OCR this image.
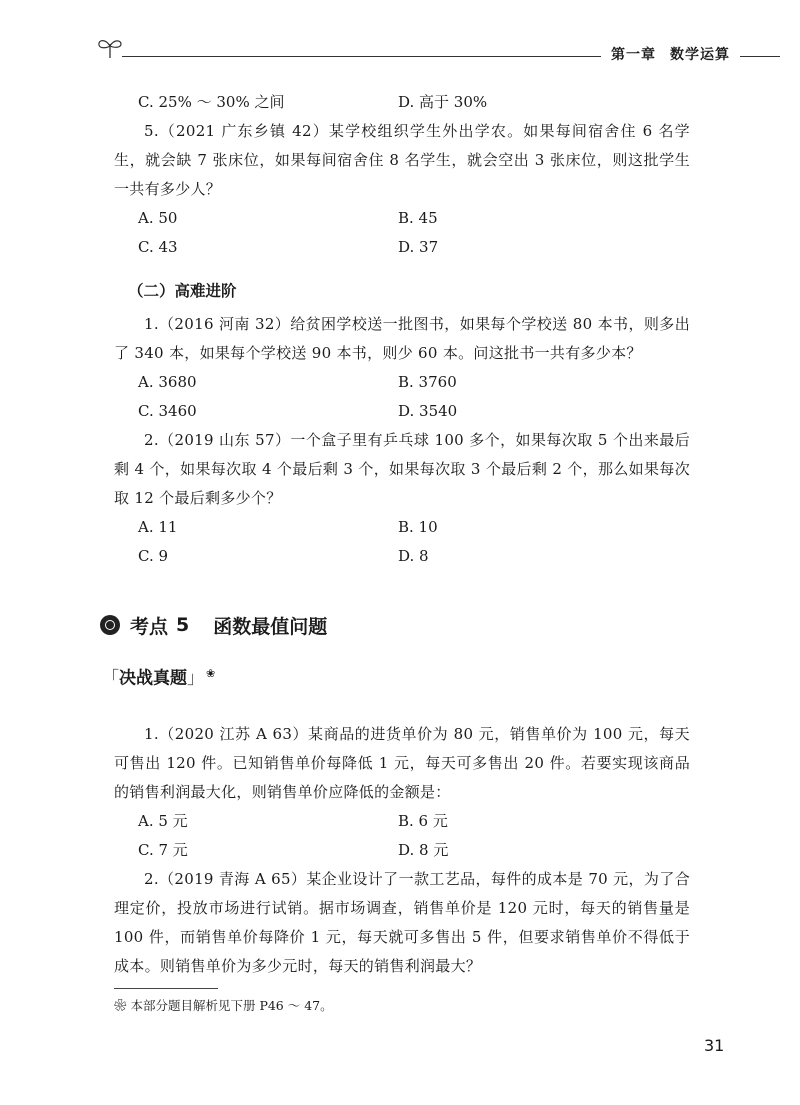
第一章 数学运算
C. 25% ～ 30% 之间	D. 高于 30%

5.（2021 广东乡镇 42）某学校组织学生外出学农。如果每间宿舍住 6 名学生，就会缺 7 张床位，如果每间宿舍住 8 名学生，就会空出 3 张床位，则这批学生一共有多少人？

A. 50	B. 45
C. 43	D. 37
（二）高难进阶

1.（2016 河南 32）给贫困学校送一批图书，如果每个学校送 80 本书，则多出了 340 本，如果每个学校送 90 本书，则少 60 本。问这批书一共有多少本？

A. 3680	B. 3760
C. 3460	D. 3540

2.（2019 山东 57）一个盒子里有乒乓球 100 多个，如果每次取 5 个出来最后剩 4 个，如果每次取 4 个最后剩 3 个，如果每次取 3 个最后剩 2 个，那么如果每次取 12 个最后剩多少个？

A. 11	B. 10
C. 9	D. 8
考点 5 函数最值问题
「决战真题」 ❀

1.（2020 江苏 A 63）某商品的进货单价为 80 元，销售单价为 100 元，每天可售出 120 件。已知销售单价每降低 1 元，每天可多售出 20 件。若要实现该商品的销售利润最大化，则销售单价应降低的金额是：

A. 5 元	B. 6 元
C. 7 元	D. 8 元

2.（2019 青海 A 65）某企业设计了一款工艺品，每件的成本是 70 元，为了合理定价，投放市场进行试销。据市场调查，销售单价是 120 元时，每天的销售量是 100 件，而销售单价每降价 1 元，每天就可多售出 5 件，但要求销售单价不得低于成本。则销售单价为多少元时，每天的销售利润最大？

❀ 本部分题目解析见下册 P46 ～ 47。
31
